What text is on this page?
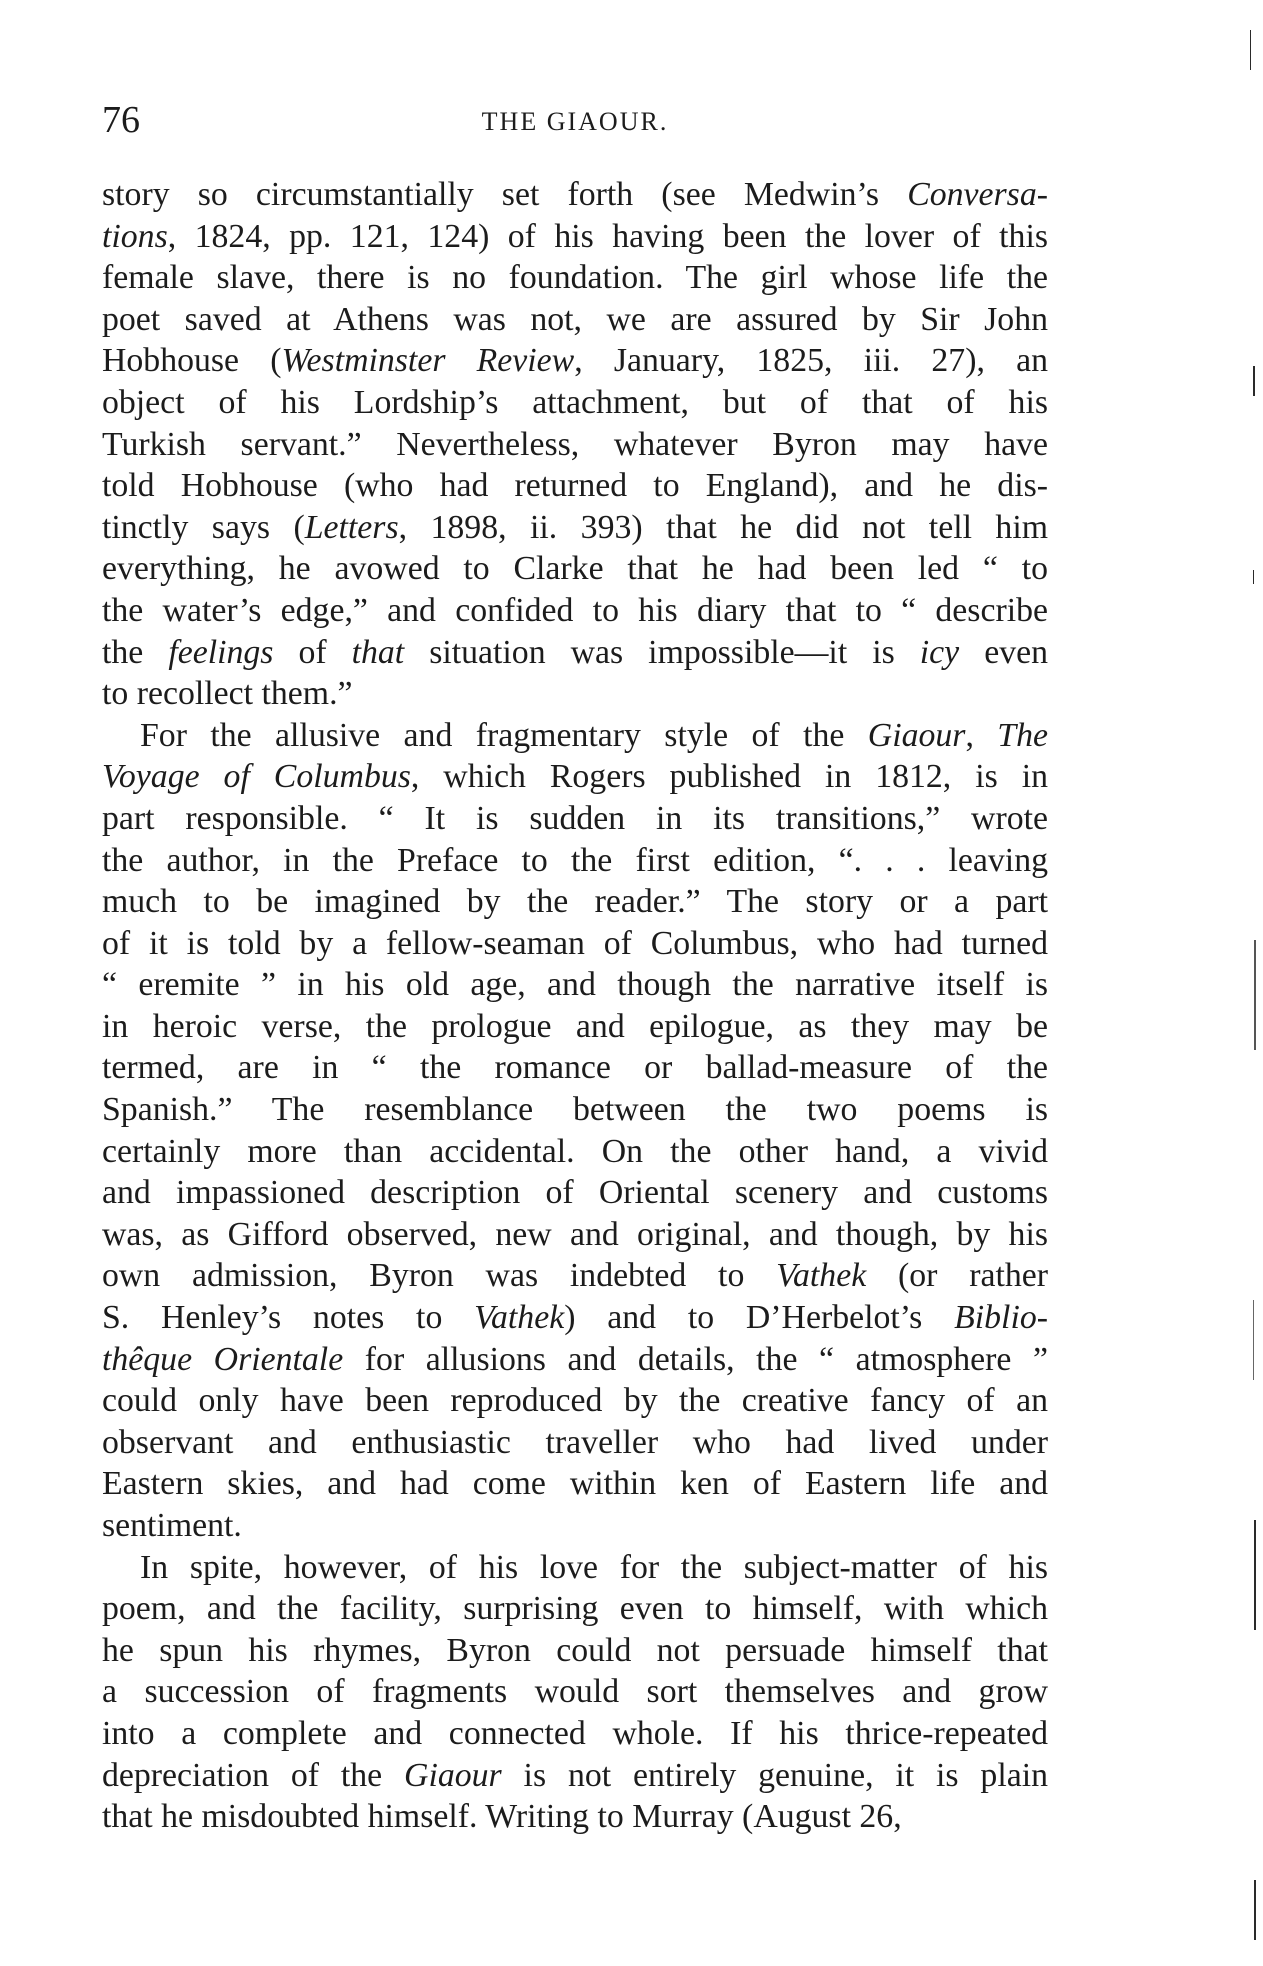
76	THE GIAOUR.
story so circumstantially set forth (see Medwin’s Conversa-
tions, 1824, pp. 121, 124) of his having been the lover of this
female slave, there is no foundation. The girl whose life the
poet saved at Athens was not, we are assured by Sir John
Hobhouse (Westminster Review, January, 1825, iii. 27), an
object of his Lordship’s attachment, but of that of his
Turkish servant.” Nevertheless, whatever Byron may have
told Hobhouse (who had returned to England), and he dis-
tinctly says (Letters, 1898, ii. 393) that he did not tell him
everything, he avowed to Clarke that he had been led “ to
the water’s edge,” and confided to his diary that to “ describe
the feelings of that situation was impossible—it is icy even
to recollect them.”
For the allusive and fragmentary style of the Giaour, The
Voyage of Columbus, which Rogers published in 1812, is in
part responsible. “ It is sudden in its transitions,” wrote
the author, in the Preface to the first edition, “. . . leaving
much to be imagined by the reader.” The story or a part
of it is told by a fellow-seaman of Columbus, who had turned
“ eremite ” in his old age, and though the narrative itself is
in heroic verse, the prologue and epilogue, as they may be
termed, are in “ the romance or ballad-measure of the
Spanish.” The resemblance between the two poems is
certainly more than accidental. On the other hand, a vivid
and impassioned description of Oriental scenery and customs
was, as Gifford observed, new and original, and though, by his
own admission, Byron was indebted to Vathek (or rather
S. Henley’s notes to Vathek) and to D’Herbelot’s Biblio-
thêque Orientale for allusions and details, the “ atmosphere ”
could only have been reproduced by the creative fancy of an
observant and enthusiastic traveller who had lived under
Eastern skies, and had come within ken of Eastern life and
sentiment.
In spite, however, of his love for the subject-matter of his
poem, and the facility, surprising even to himself, with which
he spun his rhymes, Byron could not persuade himself that
a succession of fragments would sort themselves and grow
into a complete and connected whole. If his thrice-repeated
depreciation of the Giaour is not entirely genuine, it is plain
that he misdoubted himself. Writing to Murray (August 26,
